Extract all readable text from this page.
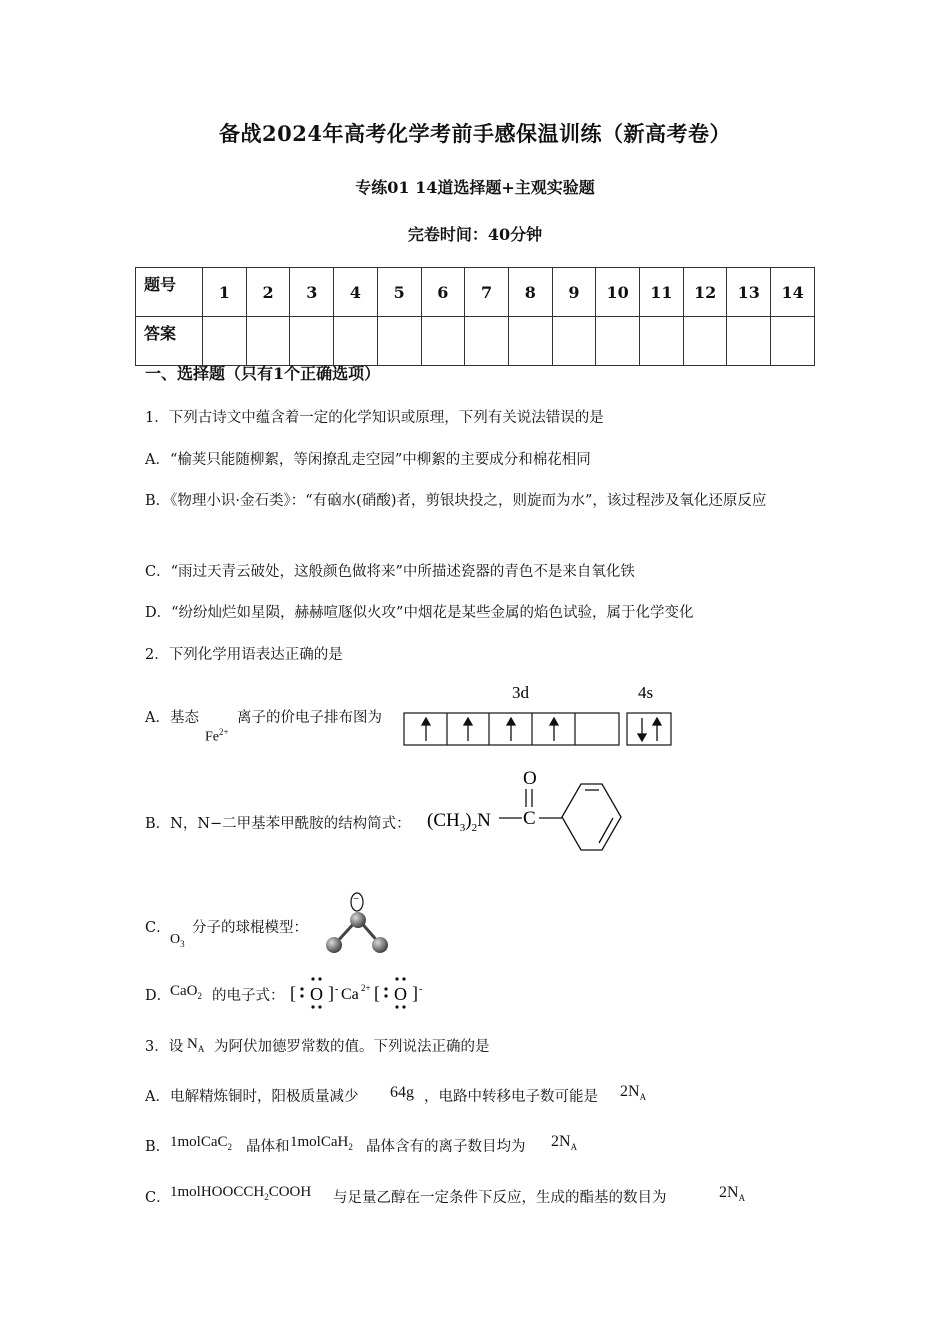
备战2024年高考化学考前手感保温训练（新高考卷）
专练01 14道选择题+主观实验题
完卷时间：40分钟
题号	1	2	3	4	5	6	7	8	9	10	11	12	13	14
答案														
一、选择题（只有1个正确选项）
1．下列古诗文中蕴含着一定的化学知识或原理，下列有关说法错误的是
A．“榆荚只能随柳絮，等闲撩乱走空园”中柳絮的主要成分和棉花相同
B．《物理小识·金石类》：“有硇水(硝酸)者，剪银块投之，则旋而为水”，该过程涉及氧化还原反应
C．“雨过天青云破处，这般颜色做将来”中所描述瓷器的青色不是来自氧化铁
D．“纷纷灿烂如星陨，赫赫喧豗似火攻”中烟花是某些金属的焰色试验，属于化学变化
2．下列化学用语表达正确的是
A．基态
$Fe^{2+}$
离子的价电子排布图为
3d	4s
B．N，N−二甲基苯甲酰胺的结构简式： $(CH_3)_2N$ C
O
C．
$O_3$
分子的球棍模型：
−
D．
CaO$_2$ 的电子式： [ O ] - Ca 2+ [ O ] -
3．设 $N_A$ 为阿伏加德罗常数的值。下列说法正确的是
A．电解精炼铜时，阳极质量减少 64g ，电路中转移电子数可能是 $2N_A$
B． 1molCaC$_2$ 晶体和 1molCaH$_2$ 晶体含有的离子数目均为 $2N_A$
C． 1molHOOCCH$_2$COOH 与足量乙醇在一定条件下反应，生成的酯基的数目为	$2N_A$
